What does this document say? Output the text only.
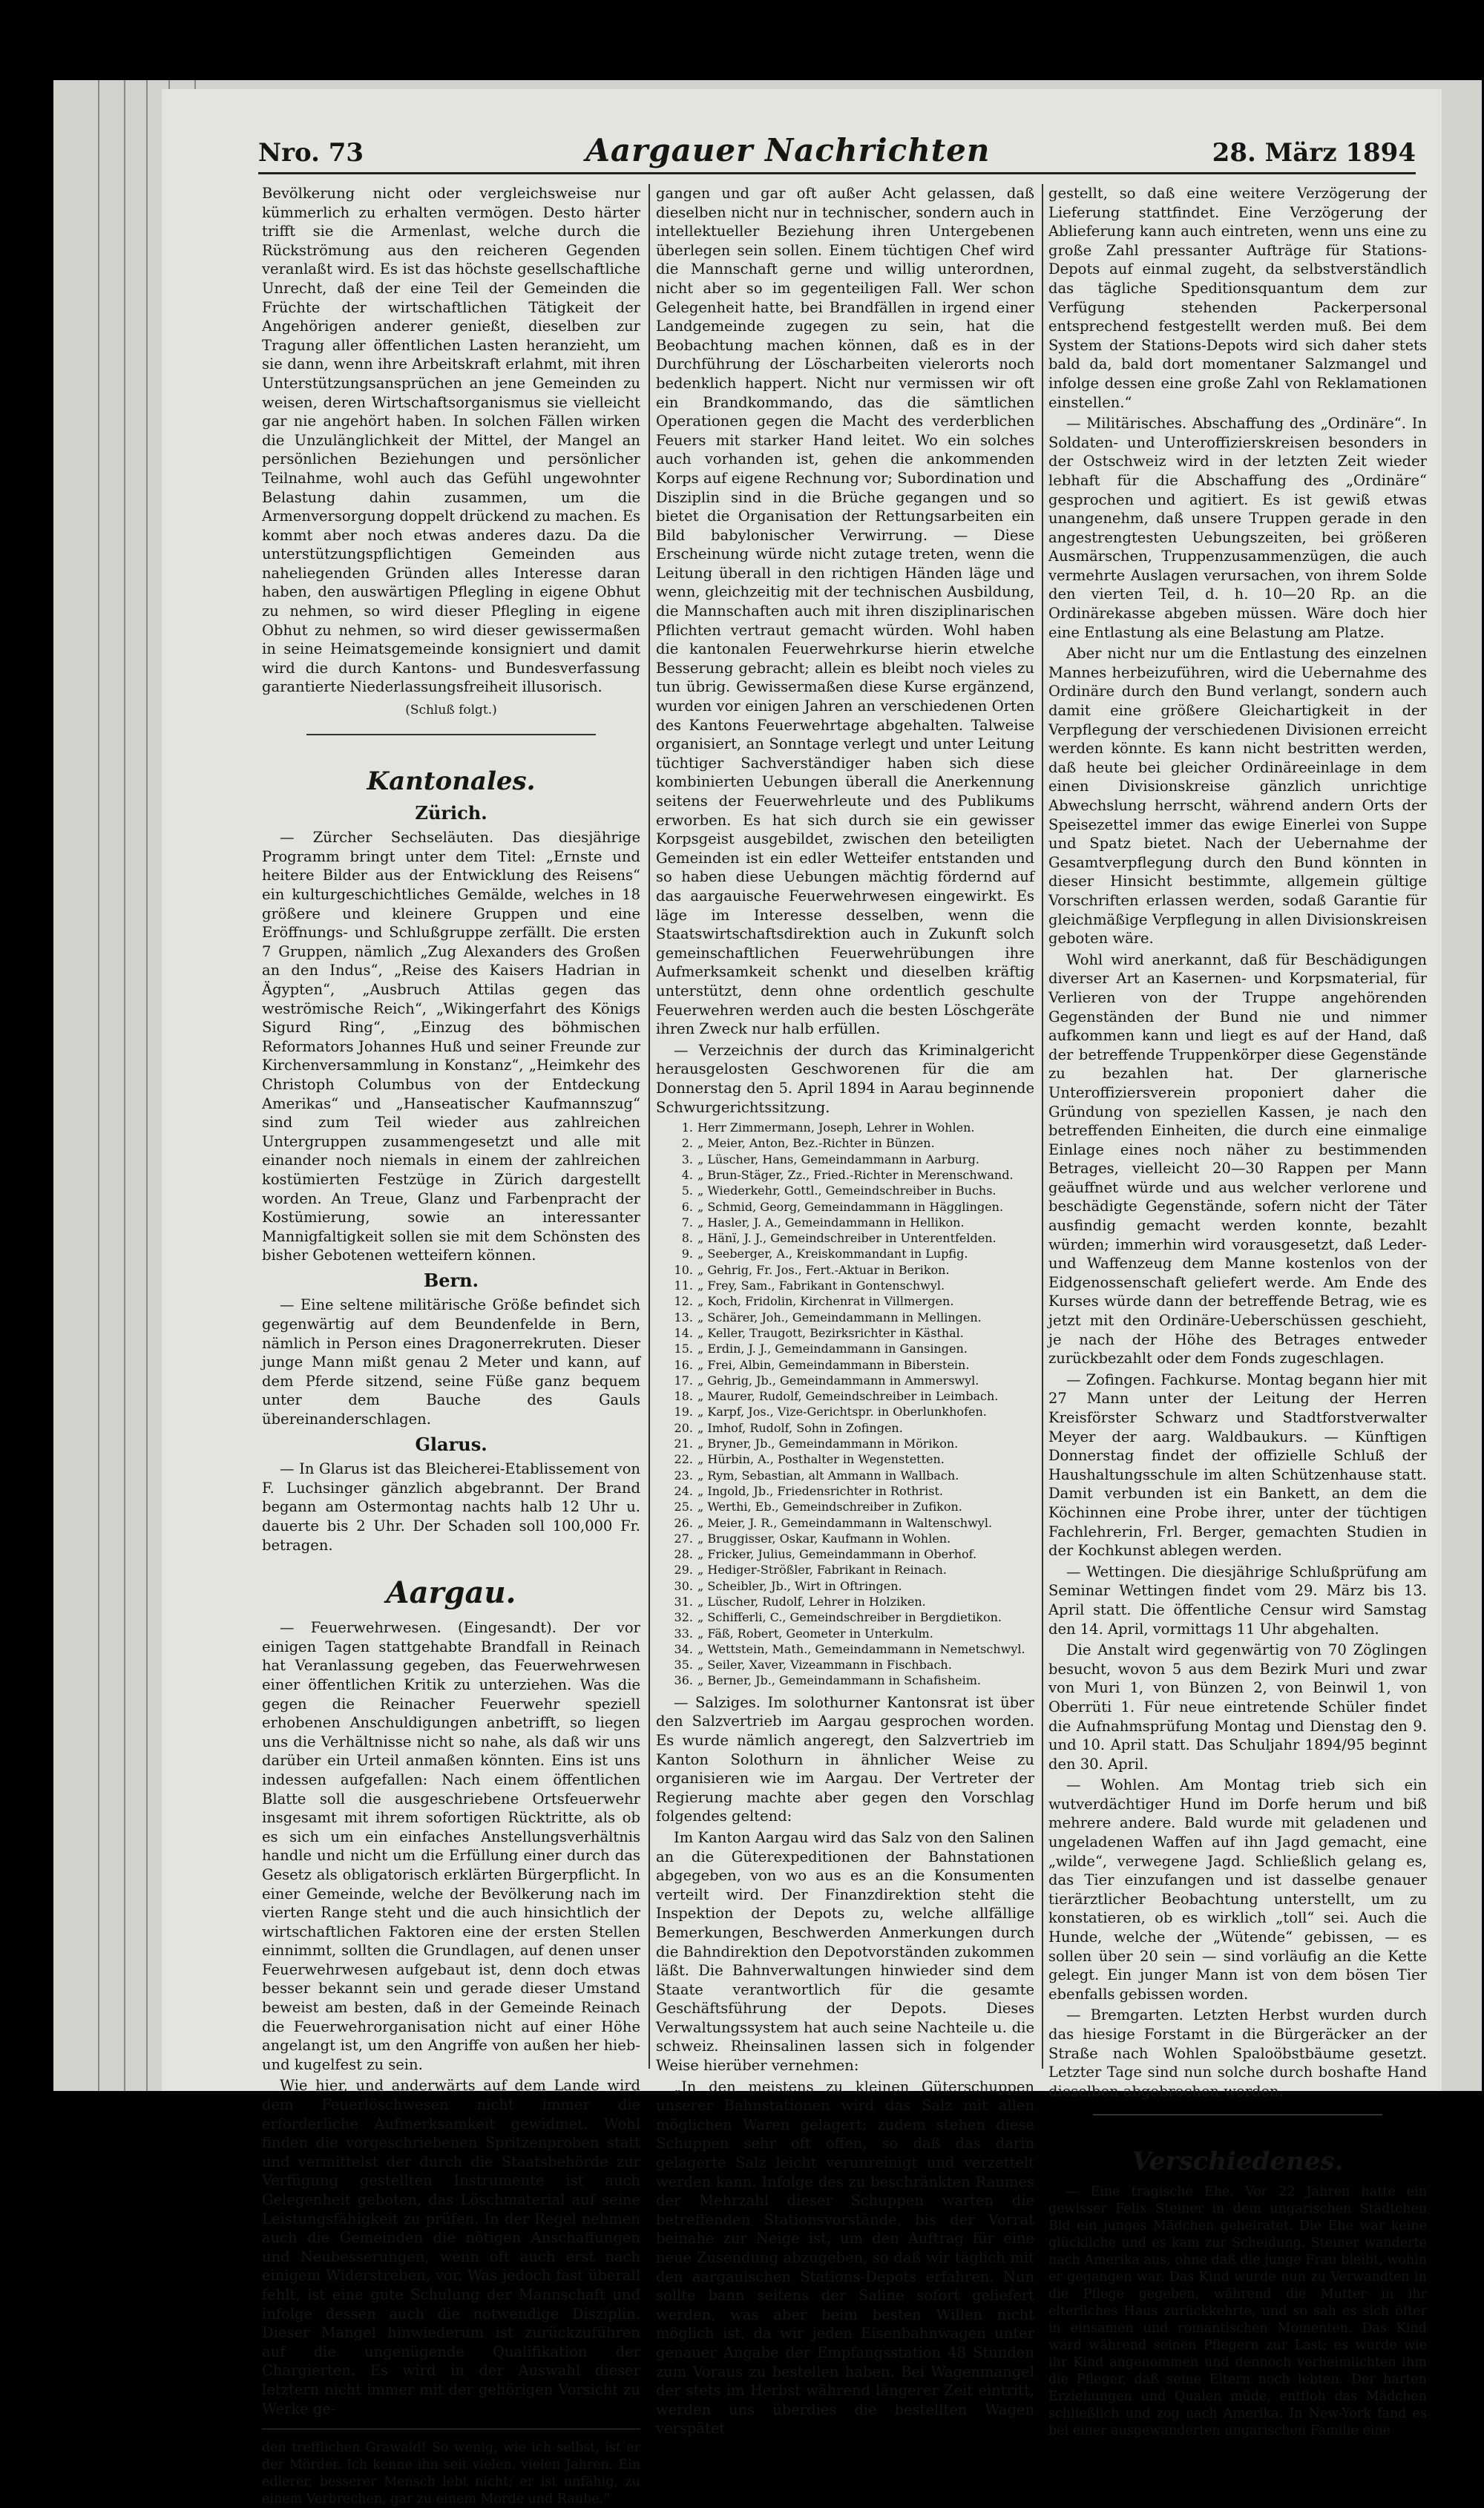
Nro. 73	Aargauer Nachrichten	28. März 1894

Bevölkerung nicht oder vergleichsweise nur kümmerlich zu erhalten vermögen. Desto härter trifft sie die Armenlast, welche durch die Rückströmung aus den reicheren Gegenden veranlaßt wird. Es ist das höchste gesellschaftliche Unrecht, daß der eine Teil der Gemeinden die Früchte der wirtschaftlichen Tätigkeit der Angehörigen anderer genießt, dieselben zur Tragung aller öffentlichen Lasten heranzieht, um sie dann, wenn ihre Arbeitskraft erlahmt, mit ihren Unterstützungsansprüchen an jene Gemeinden zu weisen, deren Wirtschaftsorganismus sie vielleicht gar nie angehört haben. In solchen Fällen wirken die Unzulänglichkeit der Mittel, der Mangel an persönlichen Beziehungen und persönlicher Teilnahme, wohl auch das Gefühl ungewohnter Belastung dahin zusammen, um die Armenversorgung doppelt drückend zu machen. Es kommt aber noch etwas anderes dazu. Da die unterstützungspflichtigen Gemeinden aus naheliegenden Gründen alles Interesse daran haben, den auswärtigen Pflegling in eigene Obhut zu nehmen, so wird dieser Pflegling in eigene Obhut zu nehmen, so wird dieser gewissermaßen in seine Heimatsgemeinde konsigniert und damit wird die durch Kantons- und Bundesverfassung garantierte Niederlassungsfreiheit illusorisch.

(Schluß folgt.)
Kantonales.
Zürich.

— Zürcher Sechseläuten. Das diesjährige Programm bringt unter dem Titel: „Ernste und heitere Bilder aus der Entwicklung des Reisens“ ein kulturgeschichtliches Gemälde, welches in 18 größere und kleinere Gruppen und eine Eröffnungs- und Schlußgruppe zerfällt. Die ersten 7 Gruppen, nämlich „Zug Alexanders des Großen an den Indus“, „Reise des Kaisers Hadrian in Ägypten“, „Ausbruch Attilas gegen das weströmische Reich“, „Wikingerfahrt des Königs Sigurd Ring“, „Einzug des böhmischen Reformators Johannes Huß und seiner Freunde zur Kirchenversammlung in Konstanz“, „Heimkehr des Christoph Columbus von der Entdeckung Amerikas“ und „Hanseatischer Kaufmannszug“ sind zum Teil wieder aus zahlreichen Untergruppen zusammengesetzt und alle mit einander noch niemals in einem der zahlreichen kostümierten Festzüge in Zürich dargestellt worden. An Treue, Glanz und Farbenpracht der Kostümierung, sowie an interessanter Mannigfaltigkeit sollen sie mit dem Schönsten des bisher Gebotenen wetteifern können.

Bern.

— Eine seltene militärische Größe befindet sich gegenwärtig auf dem Beundenfelde in Bern, nämlich in Person eines Dragonerrekruten. Dieser junge Mann mißt genau 2 Meter und kann, auf dem Pferde sitzend, seine Füße ganz bequem unter dem Bauche des Gauls übereinanderschlagen.

Glarus.

— In Glarus ist das Bleicherei-Etablissement von F. Luchsinger gänzlich abgebrannt. Der Brand begann am Ostermontag nachts halb 12 Uhr u. dauerte bis 2 Uhr. Der Schaden soll 100,000 Fr. betragen.

Aargau.

— Feuerwehrwesen. (Eingesandt). Der vor einigen Tagen stattgehabte Brandfall in Reinach hat Veranlassung gegeben, das Feuerwehrwesen einer öffentlichen Kritik zu unterziehen. Was die gegen die Reinacher Feuerwehr speziell erhobenen Anschuldigungen anbetrifft, so liegen uns die Verhältnisse nicht so nahe, als daß wir uns darüber ein Urteil anmaßen könnten. Eins ist uns indessen aufgefallen: Nach einem öffentlichen Blatte soll die ausgeschriebene Ortsfeuerwehr insgesamt mit ihrem sofortigen Rücktritte, als ob es sich um ein einfaches Anstellungsverhältnis handle und nicht um die Erfüllung einer durch das Gesetz als obligatorisch erklärten Bürgerpflicht. In einer Gemeinde, welche der Bevölkerung nach im vierten Range steht und die auch hinsichtlich der wirtschaftlichen Faktoren eine der ersten Stellen einnimmt, sollten die Grundlagen, auf denen unser Feuerwehrwesen aufgebaut ist, denn doch etwas besser bekannt sein und gerade dieser Umstand beweist am besten, daß in der Gemeinde Reinach die Feuerwehrorganisation nicht auf einer Höhe angelangt ist, um den Angriffe von außen her hieb- und kugelfest zu sein.

Wie hier, und anderwärts auf dem Lande wird dem Feuerlöschwesen nicht immer die erforderliche Aufmerksamkeit gewidmet. Wohl finden die vorgeschriebenen Spritzenproben statt und vermittelst der durch die Staatsbehörde zur Verfügung gestellten Instrumente ist auch Gelegenheit geboten, das Löschmaterial auf seine Leistungsfähigkeit zu prüfen. In der Regel nehmen auch die Gemeinden die nötigen Anschaffungen und Neubesserungen, wenn oft auch erst nach einigem Widerstreben, vor. Was jedoch fast überall fehlt, ist eine gute Schulung der Mannschaft und infolge dessen auch die notwendige Disziplin. Dieser Mangel hinwiederum ist zurückzuführen auf die ungenügende Qualifikation der Chargierten. Es wird in der Auswahl dieser letztern nicht immer mit der gehörigen Vorsicht zu Werke ge-

den trefflichen Grawald! So wenig, wie ich selbst, ist er der Mörder. Ich kenne ihn seit vielen, vielen Jahren. Ein edlerer, besserer Mensch lebt nicht; er ist unfähig, zu einem Verbrechen, gar zu einem Morde und Raube.“

gangen und gar oft außer Acht gelassen, daß dieselben nicht nur in technischer, sondern auch in intellektueller Beziehung ihren Untergebenen überlegen sein sollen. Einem tüchtigen Chef wird die Mannschaft gerne und willig unterordnen, nicht aber so im gegenteiligen Fall. Wer schon Gelegenheit hatte, bei Brandfällen in irgend einer Landgemeinde zugegen zu sein, hat die Beobachtung machen können, daß es in der Durchführung der Löscharbeiten vielerorts noch bedenklich happert. Nicht nur vermissen wir oft ein Brandkommando, das die sämtlichen Operationen gegen die Macht des verderblichen Feuers mit starker Hand leitet. Wo ein solches auch vorhanden ist, gehen die ankommenden Korps auf eigene Rechnung vor; Subordination und Disziplin sind in die Brüche gegangen und so bietet die Organisation der Rettungsarbeiten ein Bild babylonischer Verwirrung. — Diese Erscheinung würde nicht zutage treten, wenn die Leitung überall in den richtigen Händen läge und wenn, gleichzeitig mit der technischen Ausbildung, die Mannschaften auch mit ihren disziplinarischen Pflichten vertraut gemacht würden. Wohl haben die kantonalen Feuerwehrkurse hierin etwelche Besserung gebracht; allein es bleibt noch vieles zu tun übrig. Gewissermaßen diese Kurse ergänzend, wurden vor einigen Jahren an verschiedenen Orten des Kantons Feuerwehrtage abgehalten. Talweise organisiert, an Sonntage verlegt und unter Leitung tüchtiger Sachverständiger haben sich diese kombinierten Uebungen überall die Anerkennung seitens der Feuerwehrleute und des Publikums erworben. Es hat sich durch sie ein gewisser Korpsgeist ausgebildet, zwischen den beteiligten Gemeinden ist ein edler Wetteifer entstanden und so haben diese Uebungen mächtig fördernd auf das aargauische Feuerwehrwesen eingewirkt. Es läge im Interesse desselben, wenn die Staatswirtschaftsdirektion auch in Zukunft solch gemeinschaftlichen Feuerwehrübungen ihre Aufmerksamkeit schenkt und dieselben kräftig unterstützt, denn ohne ordentlich geschulte Feuerwehren werden auch die besten Löschgeräte ihren Zweck nur halb erfüllen.

— Verzeichnis der durch das Kriminalgericht herausgelosten Geschworenen für die am Donnerstag den 5. April 1894 in Aarau beginnende Schwurgerichtssitzung.

1. Herr Zimmermann, Joseph, Lehrer in Wohlen.
2. „ Meier, Anton, Bez.-Richter in Bünzen.
3. „ Lüscher, Hans, Gemeindammann in Aarburg.
4. „ Brun-Stäger, Zz., Fried.-Richter in Merenschwand.
5. „ Wiederkehr, Gottl., Gemeindschreiber in Buchs.
6. „ Schmid, Georg, Gemeindammann in Hägglingen.
7. „ Hasler, J. A., Gemeindammann in Hellikon.
8. „ Hänï, J. J., Gemeindschreiber in Unterentfelden.
9. „ Seeberger, A., Kreiskommandant in Lupfig.
10. „ Gehrig, Fr. Jos., Fert.-Aktuar in Berikon.
11. „ Frey, Sam., Fabrikant in Gontenschwyl.
12. „ Koch, Fridolin, Kirchenrat in Villmergen.
13. „ Schärer, Joh., Gemeindammann in Mellingen.
14. „ Keller, Traugott, Bezirksrichter in Kästhal.
15. „ Erdin, J. J., Gemeindammann in Gansingen.
16. „ Frei, Albin, Gemeindammann in Biberstein.
17. „ Gehrig, Jb., Gemeindammann in Ammerswyl.
18. „ Maurer, Rudolf, Gemeindschreiber in Leimbach.
19. „ Karpf, Jos., Vize-Gerichtspr. in Oberlunkhofen.
20. „ Imhof, Rudolf, Sohn in Zofingen.
21. „ Bryner, Jb., Gemeindammann in Mörikon.
22. „ Hürbin, A., Posthalter in Wegenstetten.
23. „ Rym, Sebastian, alt Ammann in Wallbach.
24. „ Ingold, Jb., Friedensrichter in Rothrist.
25. „ Werthi, Eb., Gemeindschreiber in Zufikon.
26. „ Meier, J. R., Gemeindammann in Waltenschwyl.
27. „ Bruggisser, Oskar, Kaufmann in Wohlen.
28. „ Fricker, Julius, Gemeindammann in Oberhof.
29. „ Hediger-Strößler, Fabrikant in Reinach.
30. „ Scheibler, Jb., Wirt in Oftringen.
31. „ Lüscher, Rudolf, Lehrer in Holziken.
32. „ Schifferli, C., Gemeindschreiber in Bergdietikon.
33. „ Fäß, Robert, Geometer in Unterkulm.
34. „ Wettstein, Math., Gemeindammann in Nemetschwyl.
35. „ Seiler, Xaver, Vizeammann in Fischbach.
36. „ Berner, Jb., Gemeindammann in Schafisheim.

— Salziges. Im solothurner Kantonsrat ist über den Salzvertrieb im Aargau gesprochen worden. Es wurde nämlich angeregt, den Salzvertrieb im Kanton Solothurn in ähnlicher Weise zu organisieren wie im Aargau. Der Vertreter der Regierung machte aber gegen den Vorschlag folgendes geltend:

Im Kanton Aargau wird das Salz von den Salinen an die Güterexpeditionen der Bahnstationen abgegeben, von wo aus es an die Konsumenten verteilt wird. Der Finanzdirektion steht die Inspektion der Depots zu, welche allfällige Bemerkungen, Beschwerden Anmerkungen durch die Bahndirektion den Depotvorständen zukommen läßt. Die Bahnverwaltungen hinwieder sind dem Staate verantwortlich für die gesamte Geschäftsführung der Depots. Dieses Verwaltungssystem hat auch seine Nachteile u. die schweiz. Rheinsalinen lassen sich in folgender Weise hierüber vernehmen:

„In den meistens zu kleinen Güterschuppen unserer Bahnstationen wird das Salz mit allen möglichen Waren gelagert; zudem stehen diese Schuppen sehr oft offen, so daß das darin gelagerte Salz leicht verunreinigt und verzettelt werden kann. Infolge des zu beschränkten Raumes der Mehrzahl dieser Schuppen warten die betreffenden Stationsvorstände, bis der Vorrat beinahe zur Neige ist, um den Auftrag für eine neue Zusendung abzugeben, so daß wir täglich mit den aargauischen Stations-Depots erfahren. Nun sollte bann seitens der Saline sofort geliefert werden, was aber beim besten Willen nicht möglich ist, da wir jeden Eisenbahnwagen unter genauer Angabe der Empfangsstation 48 Stunden zum Voraus zu bestellen haben. Bei Wagenmangel der stets im Herbst während längerer Zeit eintritt, werden uns überdies die bestellten Wagen verspätet

gestellt, so daß eine weitere Verzögerung der Lieferung stattfindet. Eine Verzögerung der Ablieferung kann auch eintreten, wenn uns eine zu große Zahl pressanter Aufträge für Stations-Depots auf einmal zugeht, da selbstverständlich das tägliche Speditionsquantum dem zur Verfügung stehenden Packerpersonal entsprechend festgestellt werden muß. Bei dem System der Stations-Depots wird sich daher stets bald da, bald dort momentaner Salzmangel und infolge dessen eine große Zahl von Reklamationen einstellen.“

— Militärisches. Abschaffung des „Ordinäre“. In Soldaten- und Unteroffizierskreisen besonders in der Ostschweiz wird in der letzten Zeit wieder lebhaft für die Abschaffung des „Ordinäre“ gesprochen und agitiert. Es ist gewiß etwas unangenehm, daß unsere Truppen gerade in den angestrengtesten Uebungszeiten, bei größeren Ausmärschen, Truppenzusammenzügen, die auch vermehrte Auslagen verursachen, von ihrem Solde den vierten Teil, d. h. 10—20 Rp. an die Ordinärekasse abgeben müssen. Wäre doch hier eine Entlastung als eine Belastung am Platze.

Aber nicht nur um die Entlastung des einzelnen Mannes herbeizuführen, wird die Uebernahme des Ordinäre durch den Bund verlangt, sondern auch damit eine größere Gleichartigkeit in der Verpflegung der verschiedenen Divisionen erreicht werden könnte. Es kann nicht bestritten werden, daß heute bei gleicher Ordinäreeinlage in dem einen Divisionskreise gänzlich unrichtige Abwechslung herrscht, während andern Orts der Speisezettel immer das ewige Einerlei von Suppe und Spatz bietet. Nach der Uebernahme der Gesamtverpflegung durch den Bund könnten in dieser Hinsicht bestimmte, allgemein gültige Vorschriften erlassen werden, sodaß Garantie für gleichmäßige Verpflegung in allen Divisionskreisen geboten wäre.

Wohl wird anerkannt, daß für Beschädigungen diverser Art an Kasernen- und Korpsmaterial, für Verlieren von der Truppe angehörenden Gegenständen der Bund nie und nimmer aufkommen kann und liegt es auf der Hand, daß der betreffende Truppenkörper diese Gegenstände zu bezahlen hat. Der glarnerische Unteroffiziersverein proponiert daher die Gründung von speziellen Kassen, je nach den betreffenden Einheiten, die durch eine einmalige Einlage eines noch näher zu bestimmenden Betrages, vielleicht 20—30 Rappen per Mann geäuffnet würde und aus welcher verlorene und beschädigte Gegenstände, sofern nicht der Täter ausfindig gemacht werden konnte, bezahlt würden; immerhin wird vorausgesetzt, daß Leder- und Waffenzeug dem Manne kostenlos von der Eidgenossenschaft geliefert werde. Am Ende des Kurses würde dann der betreffende Betrag, wie es jetzt mit den Ordinäre-Ueberschüssen geschieht, je nach der Höhe des Betrages entweder zurückbezahlt oder dem Fonds zugeschlagen.

— Zofingen. Fachkurse. Montag begann hier mit 27 Mann unter der Leitung der Herren Kreisförster Schwarz und Stadtforstverwalter Meyer der aarg. Waldbaukurs. — Künftigen Donnerstag findet der offizielle Schluß der Haushaltungsschule im alten Schützenhause statt. Damit verbunden ist ein Bankett, an dem die Köchinnen eine Probe ihrer, unter der tüchtigen Fachlehrerin, Frl. Berger, gemachten Studien in der Kochkunst ablegen werden.

— Wettingen. Die diesjährige Schlußprüfung am Seminar Wettingen findet vom 29. März bis 13. April statt. Die öffentliche Censur wird Samstag den 14. April, vormittags 11 Uhr abgehalten.

Die Anstalt wird gegenwärtig von 70 Zöglingen besucht, wovon 5 aus dem Bezirk Muri und zwar von Muri 1, von Bünzen 2, von Beinwil 1, von Oberrüti 1. Für neue eintretende Schüler findet die Aufnahmsprüfung Montag und Dienstag den 9. und 10. April statt. Das Schuljahr 1894/95 beginnt den 30. April.

— Wohlen. Am Montag trieb sich ein wutverdächtiger Hund im Dorfe herum und biß mehrere andere. Bald wurde mit geladenen und ungeladenen Waffen auf ihn Jagd gemacht, eine „wilde“, verwegene Jagd. Schließlich gelang es, das Tier einzufangen und ist dasselbe genauer tierärztlicher Beobachtung unterstellt, um zu konstatieren, ob es wirklich „toll“ sei. Auch die Hunde, welche der „Wütende“ gebissen, — es sollen über 20 sein — sind vorläufig an die Kette gelegt. Ein junger Mann ist von dem bösen Tier ebenfalls gebissen worden.

— Bremgarten. Letzten Herbst wurden durch das hiesige Forstamt in die Bürgeräcker an der Straße nach Wohlen Spaloöbstbäume gesetzt. Letzter Tage sind nun solche durch boshafte Hand dieselben abgebrochen worden.

Verschiedenes.

— Eine tragische Ehe. Vor 22 Jahren hatte ein gewisser Felix Steiner in dem ungarischen Städtchen Bld ein junges Mädchen geheiratet. Die Ehe war keine glückliche und es kam zur Scheidung. Steiner wanderte nach Amerika aus, ohne daß die junge Frau bleibt, wohin er gegangen war. Das Kind wurde nun zu Verwandten in die Pflege gegeben, während die Mutter in ihr elterliches Haus zurückkehrte, und so sah es sich öfter in einsamen und romantischen Momenten. Das Kind ward während seinen Pflegern zur Last; es wurde wie ihr Kind angenommen und dennoch verheimlichten ihm die Pfleger, daß seine Eltern noch lebten. Der harten Erziehungen und Qualen müde, entfloh das Mädchen schließlich und zog nach Amerika. In New-York fand es bei einer ausgewanderten ungarischen Familie eine
